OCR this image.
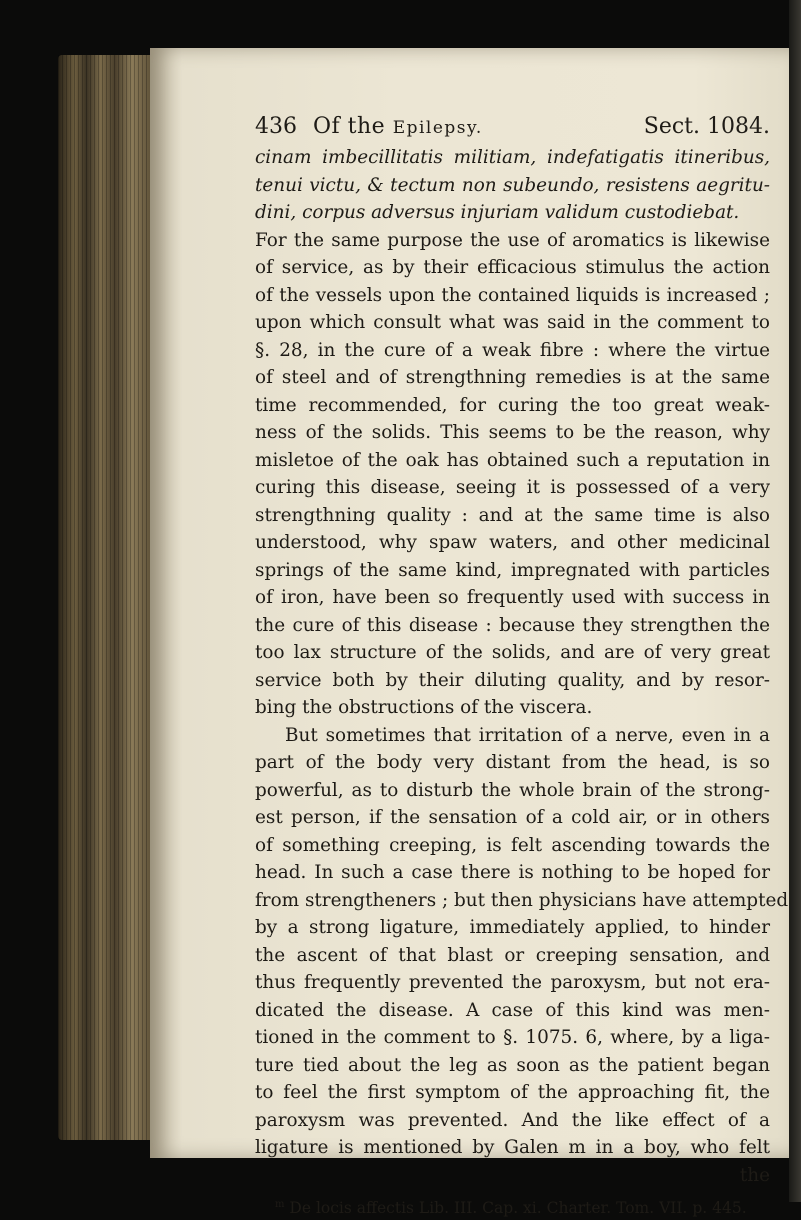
436 Of the Epilepsy.	Sect. 1084.
cinam imbecillitatis militiam, indefatigatis itineribus,
tenui victu, & tectum non subeundo, resistens aegritu-
dini, corpus adversus injuriam validum custodiebat.
For the same purpose the use of aromatics is likewise
of service, as by their efficacious stimulus the action
of the vessels upon the contained liquids is increased ;
upon which consult what was said in the comment to
§. 28, in the cure of a weak fibre : where the virtue
of steel and of strengthning remedies is at the same
time recommended, for curing the too great weak-
ness of the solids. This seems to be the reason, why
misletoe of the oak has obtained such a reputation in
curing this disease, seeing it is possessed of a very
strengthning quality : and at the same time is also
understood, why spaw waters, and other medicinal
springs of the same kind, impregnated with particles
of iron, have been so frequently used with success in
the cure of this disease : because they strengthen the
too lax structure of the solids, and are of very great
service both by their diluting quality, and by resor-
bing the obstructions of the viscera.
But sometimes that irritation of a nerve, even in a
part of the body very distant from the head, is so
powerful, as to disturb the whole brain of the strong-
est person, if the sensation of a cold air, or in others
of something creeping, is felt ascending towards the
head. In such a case there is nothing to be hoped for
from strengtheners ; but then physicians have attempted
by a strong ligature, immediately applied, to hinder
the ascent of that blast or creeping sensation, and
thus frequently prevented the paroxysm, but not era-
dicated the disease. A case of this kind was men-
tioned in the comment to §. 1075. 6, where, by a liga-
ture tied about the leg as soon as the patient began
to feel the first symptom of the approaching fit, the
paroxysm was prevented. And the like effect of a
ligature is mentioned by Galen m in a boy, who felt
the
$^m$ De locis affectis Lib. III. Cap. xi. Charter. Tom. VII. p. 445.
